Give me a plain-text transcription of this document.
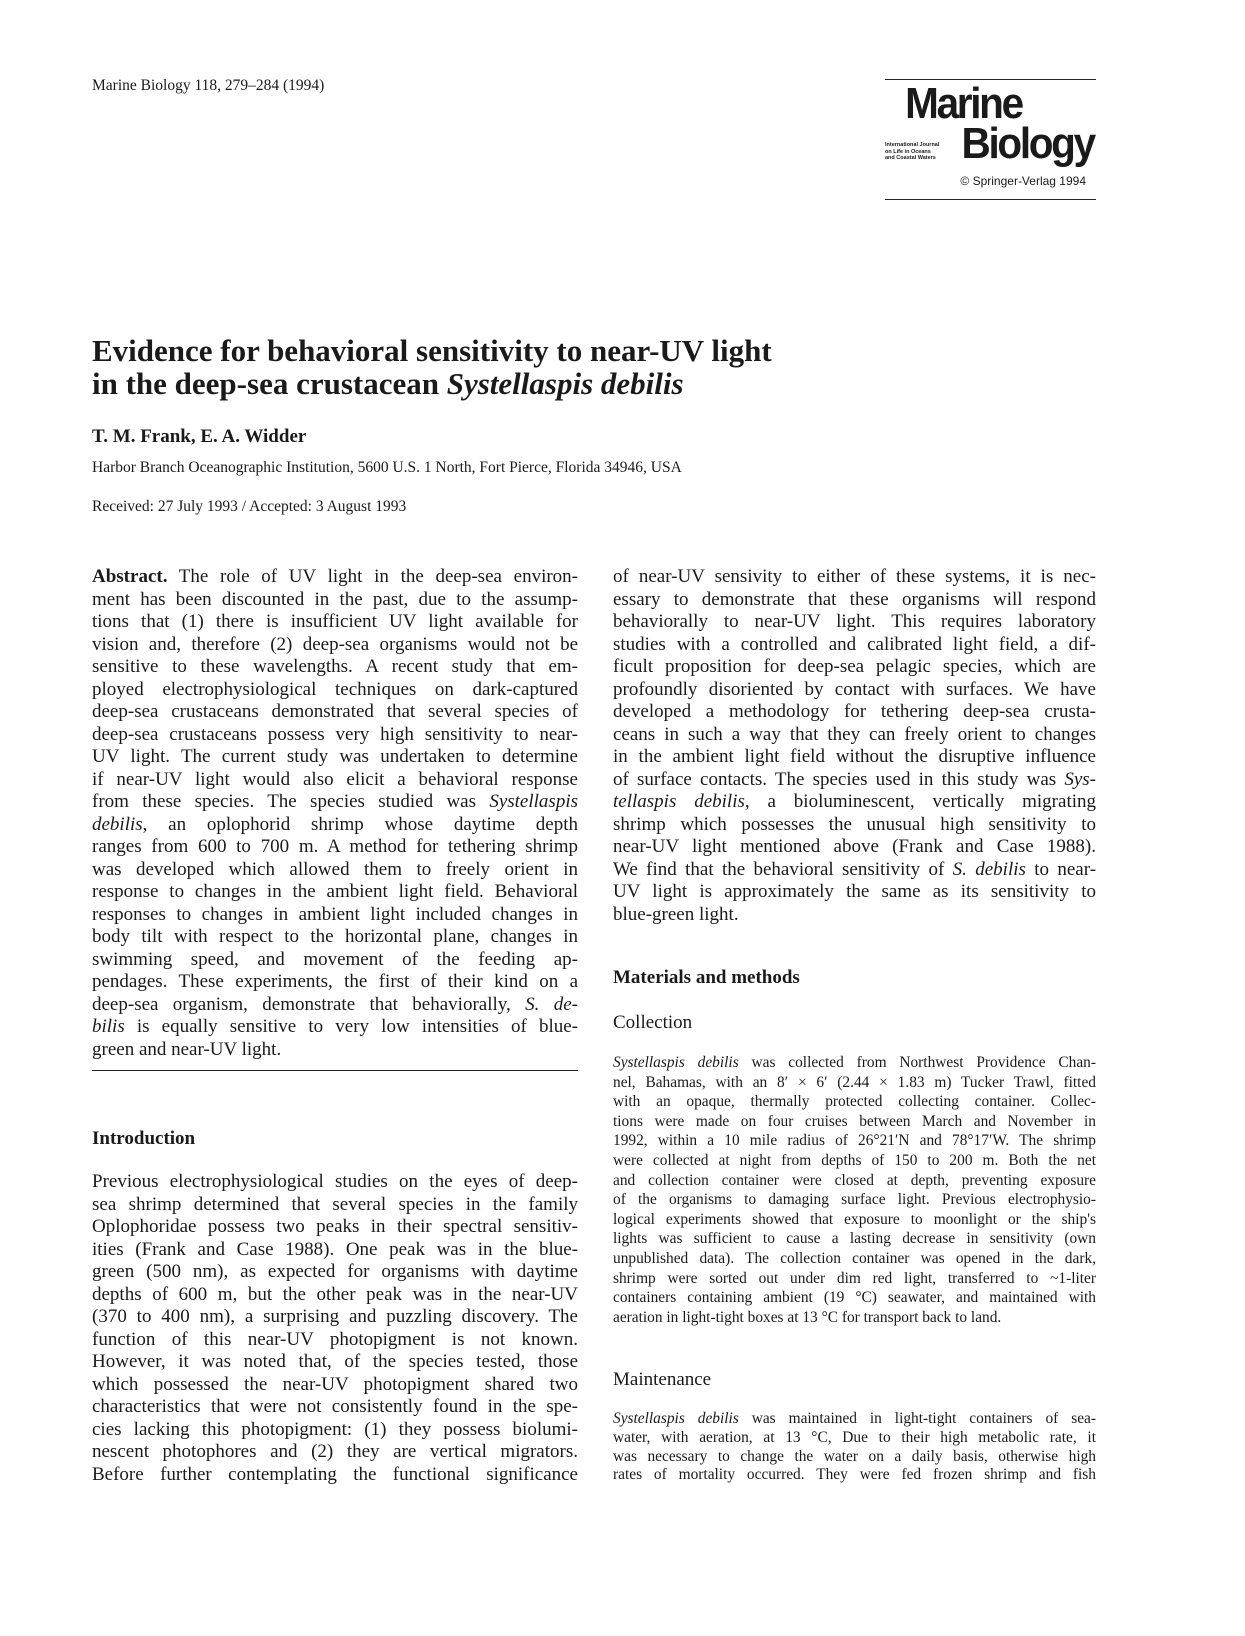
Marine Biology 118, 279–284 (1994)	Marine
Biology
International Journal
on Life in Oceans
and Coastal Waters
© Springer-Verlag 1994
Evidence for behavioral sensitivity to near-UV light
in the deep-sea crustacean Systellaspis debilis
T. M. Frank, E. A. Widder
Harbor Branch Oceanographic Institution, 5600 U.S. 1 North, Fort Pierce, Florida 34946, USA
Received: 27 July 1993 / Accepted: 3 August 1993
Abstract. The role of UV light in the deep-sea environ-
ment has been discounted in the past, due to the assump-
tions that (1) there is insufficient UV light available for
vision and, therefore (2) deep-sea organisms would not be
sensitive to these wavelengths. A recent study that em-
ployed electrophysiological techniques on dark-captured
deep-sea crustaceans demonstrated that several species of
deep-sea crustaceans possess very high sensitivity to near-
UV light. The current study was undertaken to determine
if near-UV light would also elicit a behavioral response
from these species. The species studied was Systellaspis
debilis, an oplophorid shrimp whose daytime depth
ranges from 600 to 700 m. A method for tethering shrimp
was developed which allowed them to freely orient in
response to changes in the ambient light field. Behavioral
responses to changes in ambient light included changes in
body tilt with respect to the horizontal plane, changes in
swimming speed, and movement of the feeding ap-
pendages. These experiments, the first of their kind on a
deep-sea organism, demonstrate that behaviorally, S. de-
bilis is equally sensitive to very low intensities of blue-
green and near-UV light.
Introduction
Previous electrophysiological studies on the eyes of deep-
sea shrimp determined that several species in the family
Oplophoridae possess two peaks in their spectral sensitiv-
ities (Frank and Case 1988). One peak was in the blue-
green (500 nm), as expected for organisms with daytime
depths of 600 m, but the other peak was in the near-UV
(370 to 400 nm), a surprising and puzzling discovery. The
function of this near-UV photopigment is not known.
However, it was noted that, of the species tested, those
which possessed the near-UV photopigment shared two
characteristics that were not consistently found in the spe-
cies lacking this photopigment: (1) they possess biolumi-
nescent photophores and (2) they are vertical migrators.
Before further contemplating the functional significance
of near-UV sensivity to either of these systems, it is nec-
essary to demonstrate that these organisms will respond
behaviorally to near-UV light. This requires laboratory
studies with a controlled and calibrated light field, a dif-
ficult proposition for deep-sea pelagic species, which are
profoundly disoriented by contact with surfaces. We have
developed a methodology for tethering deep-sea crusta-
ceans in such a way that they can freely orient to changes
in the ambient light field without the disruptive influence
of surface contacts. The species used in this study was Sys-
tellaspis debilis, a bioluminescent, vertically migrating
shrimp which possesses the unusual high sensitivity to
near-UV light mentioned above (Frank and Case 1988).
We find that the behavioral sensitivity of S. debilis to near-
UV light is approximately the same as its sensitivity to
blue-green light.
Materials and methods
Collection
Systellaspis debilis was collected from Northwest Providence Chan-
nel, Bahamas, with an 8′ × 6′ (2.44 × 1.83 m) Tucker Trawl, fitted
with an opaque, thermally protected collecting container. Collec-
tions were made on four cruises between March and November in
1992, within a 10 mile radius of 26°21′N and 78°17′W. The shrimp
were collected at night from depths of 150 to 200 m. Both the net
and collection container were closed at depth, preventing exposure
of the organisms to damaging surface light. Previous electrophysio-
logical experiments showed that exposure to moonlight or the ship's
lights was sufficient to cause a lasting decrease in sensitivity (own
unpublished data). The collection container was opened in the dark,
shrimp were sorted out under dim red light, transferred to ~1-liter
containers containing ambient (19 °C) seawater, and maintained with
aeration in light-tight boxes at 13 °C for transport back to land.
Maintenance
Systellaspis debilis was maintained in light-tight containers of sea-
water, with aeration, at 13 °C, Due to their high metabolic rate, it
was necessary to change the water on a daily basis, otherwise high
rates of mortality occurred. They were fed frozen shrimp and fish
